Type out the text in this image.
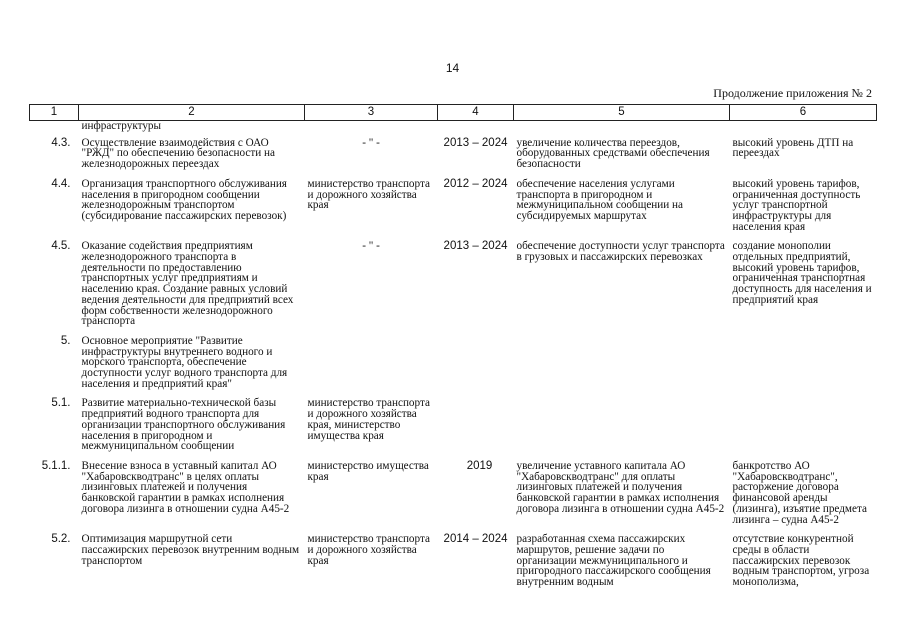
14
Продолжение приложения № 2
1	2	3	4	5	6
	инфраструктуры				
4.3.	Осуществление взаимодействия с ОАО "РЖД" по обеспечению безопасности на железнодорожных переездах	- " -	2013 – 2024	увеличение количества переездов, оборудованных средствами обеспечения безопасности	высокий уровень ДТП на переездах
4.4.	Организация транспортного обслуживания населения в пригородном сообщении железнодорожным транспортом (субсидирование пассажирских перевозок)	министерство транспорта и дорожного хозяйства края	2012 – 2024	обеспечение населения услугами транспорта в пригородном и межмуниципальном сообщении на субсидируемых маршрутах	высокий уровень тарифов, ограниченная доступность услуг транспортной инфраструктуры для населения края
4.5.	Оказание содействия предприятиям железнодорожного транспорта в деятельности по предоставлению транспортных услуг предприятиям и населению края. Создание равных условий ведения деятельности для предприятий всех форм собственности железнодорожного транспорта	- " -	2013 – 2024	обеспечение доступности услуг транспорта в грузовых и пассажирских перевозках	создание монополии отдельных предприятий, высокий уровень тарифов, ограниченная транспортная доступность для населения и предприятий края
5.	Основное мероприятие "Развитие инфраструктуры внутреннего водного и морского транспорта, обеспечение доступности услуг водного транспорта для населения и предприятий края"				
5.1.	Развитие материально-технической базы предприятий водного транспорта для организации транспортного обслуживания населения в пригородном и межмуниципальном сообщении	министерство транспорта и дорожного хозяйства края, министерство имущества края			
5.1.1.	Внесение взноса в уставный капитал АО "Хабаровскводтранс" в целях оплаты лизинговых платежей и получения банковской гарантии в рамках исполнения договора лизинга в отношении судна А45-2	министерство имущества края	2019	увеличение уставного капитала АО "Хабаровскводтранс" для оплаты лизинговых платежей и получения банковской гарантии в рамках исполнения договора лизинга в отношении судна А45-2	банкротство АО "Хабаровскводтранс", расторжение договора финансовой аренды (лизинга), изъятие предмета лизинга – судна А45-2
5.2.	Оптимизация маршрутной сети пассажирских перевозок внутренним водным транспортом	министерство транспорта и дорожного хозяйства края	2014 – 2024	разработанная схема пассажирских маршрутов, решение задачи по организации межмуниципального и пригородного пассажирского сообщения внутренним водным	отсутствие конкурентной среды в области пассажирских перевозок водным транспортом, угроза монополизма,
